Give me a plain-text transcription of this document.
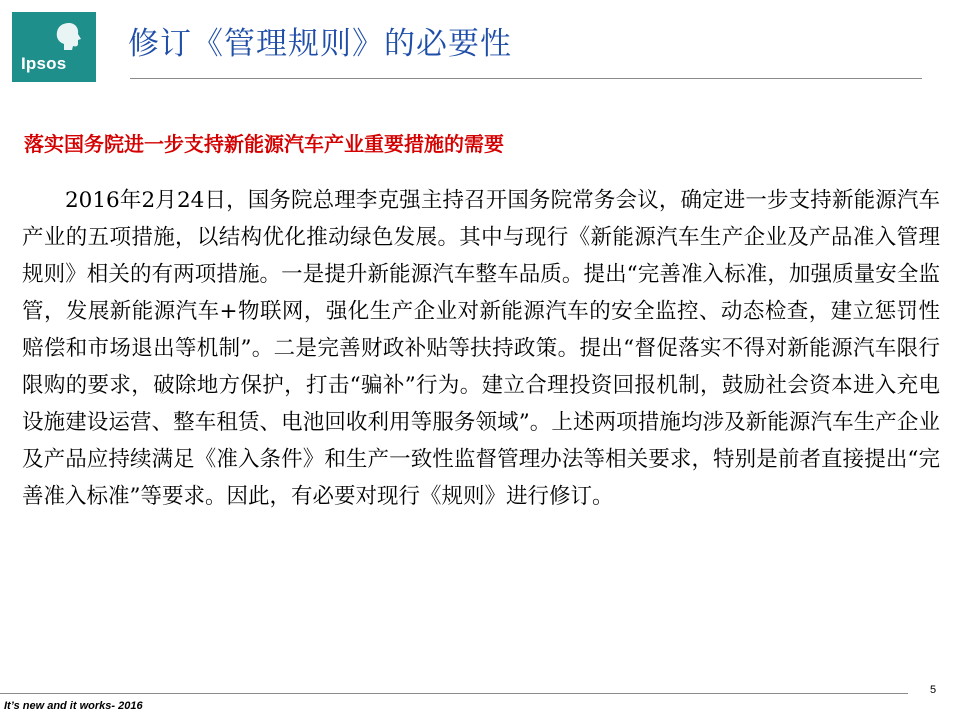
Ipsos
修订《管理规则》的必要性
落实国务院进一步支持新能源汽车产业重要措施的需要

2016年2月24日，国务院总理李克强主持召开国务院常务会议，确定进一步支持新能源汽车产业的五项措施，以结构优化推动绿色发展。其中与现行《新能源汽车生产企业及产品准入管理规则》相关的有两项措施。一是提升新能源汽车整车品质。提出“完善准入标准，加强质量安全监管，发展新能源汽车+物联网，强化生产企业对新能源汽车的安全监控、动态检查，建立惩罚性赔偿和市场退出等机制”。二是完善财政补贴等扶持政策。提出“督促落实不得对新能源汽车限行限购的要求，破除地方保护，打击“骗补”行为。建立合理投资回报机制，鼓励社会资本进入充电设施建设运营、整车租赁、电池回收利用等服务领域”。上述两项措施均涉及新能源汽车生产企业及产品应持续满足《准入条件》和生产一致性监督管理办法等相关要求，特别是前者直接提出“完善准入标准”等要求。因此，有必要对现行《规则》进行修订。

It’s new and it works- 2016
5
